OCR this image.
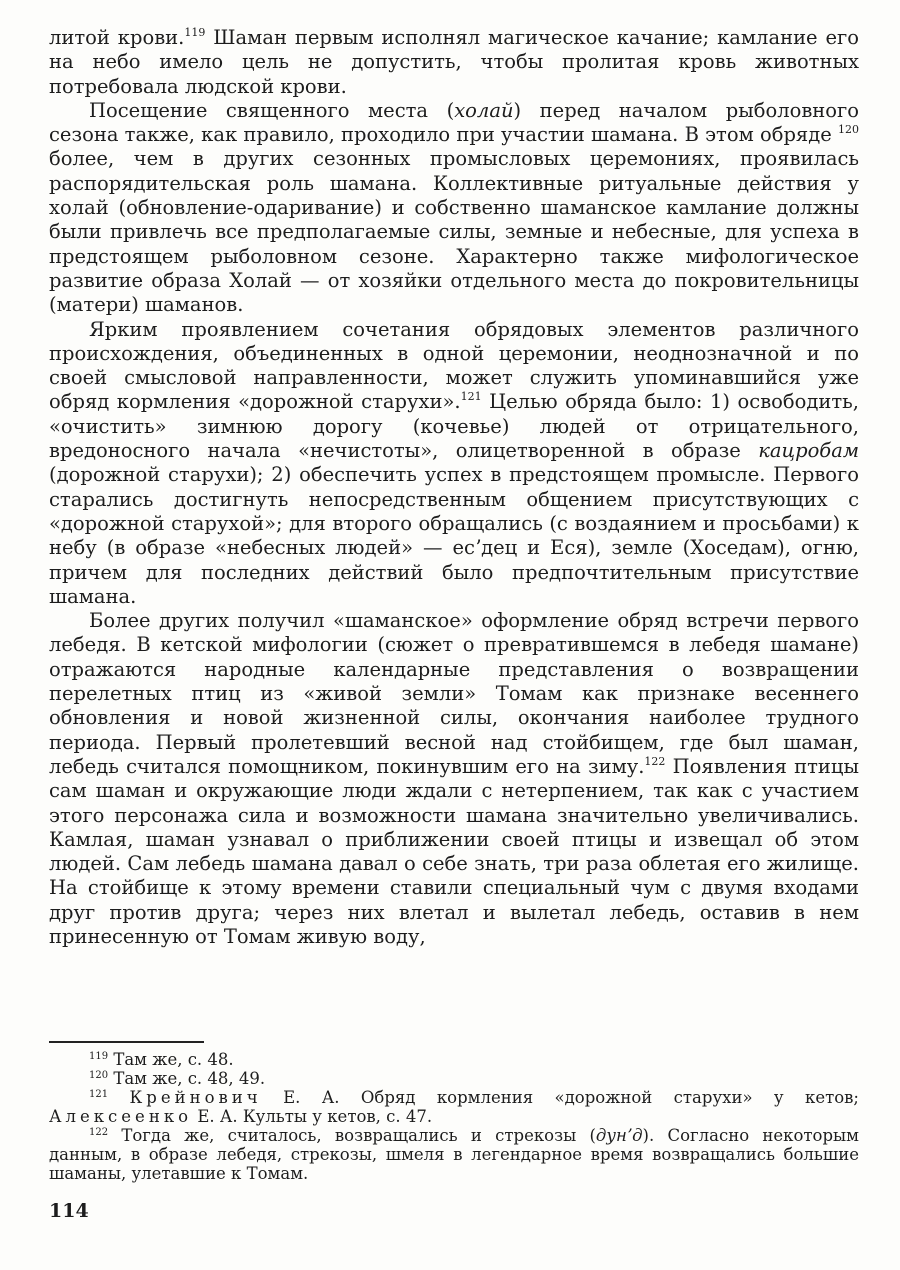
литой крови.$^{119}$ Шаман первым исполнял магическое качание; камлание его на небо имело цель не допустить, чтобы пролитая кровь животных потребовала людской крови.

Посещение священного места (холай) перед началом рыболовного сезона также, как правило, проходило при участии шамана. В этом обряде $^{120}$ более, чем в других сезонных промысловых церемониях, проявилась распорядительская роль шамана. Коллективные ритуальные действия у холай (обновление-одаривание) и собственно шаманское камлание должны были привлечь все предполагаемые силы, земные и небесные, для успеха в предстоящем рыболовном сезоне. Характерно также мифологическое развитие образа Холай — от хозяйки отдельного места до покровительницы (матери) шаманов.

Ярким проявлением сочетания обрядовых элементов различного происхождения, объединенных в одной церемонии, неоднозначной и по своей смысловой направленности, может служить упоминавшийся уже обряд кормления «дорожной старухи».$^{121}$ Целью обряда было: 1) освободить, «очистить» зимнюю дорогу (кочевье) людей от отрицательного, вредоносного начала «нечистоты», олицетворенной в образе кацробам (дорожной старухи); 2) обеспечить успех в предстоящем промысле. Первого старались достигнуть непосредственным общением присутствующих с «дорожной старухой»; для второго обращались (с воздаянием и просьбами) к небу (в образе «небесных людей» — есʼдец и Еся), земле (Хоседам), огню, причем для последних действий было предпочтительным присутствие шамана.

Более других получил «шаманское» оформление обряд встречи первого лебедя. В кетской мифологии (сюжет о превратившемся в лебедя шамане) отражаются народные календарные представления о возвращении перелетных птиц из «живой земли» Томам как признаке весеннего обновления и новой жизненной силы, окончания наиболее трудного периода. Первый пролетевший весной над стойбищем, где был шаман, лебедь считался помощником, покинувшим его на зиму.$^{122}$ Появления птицы сам шаман и окружающие люди ждали с нетерпением, так как с участием этого персонажа сила и возможности шамана значительно увеличивались. Камлая, шаман узнавал о приближении своей птицы и извещал об этом людей. Сам лебедь шамана давал о себе знать, три раза облетая его жилище. На стойбище к этому времени ставили специальный чум с двумя входами друг против друга; через них влетал и вылетал лебедь, оставив в нем принесенную от Томам живую воду,

$^{119}$ Там же, с. 48.

$^{120}$ Там же, с. 48, 49.

$^{121}$ Крейнович Е. А. Обряд кормления «дорожной старухи» у кетов; Алексеенко Е. А. Культы у кетов, с. 47.

$^{122}$ Тогда же, считалось, возвращались и стрекозы (дунʼд). Согласно некоторым данным, в образе лебедя, стрекозы, шмеля в легендарное время возвращались большие шаманы, улетавшие к Томам.

114
